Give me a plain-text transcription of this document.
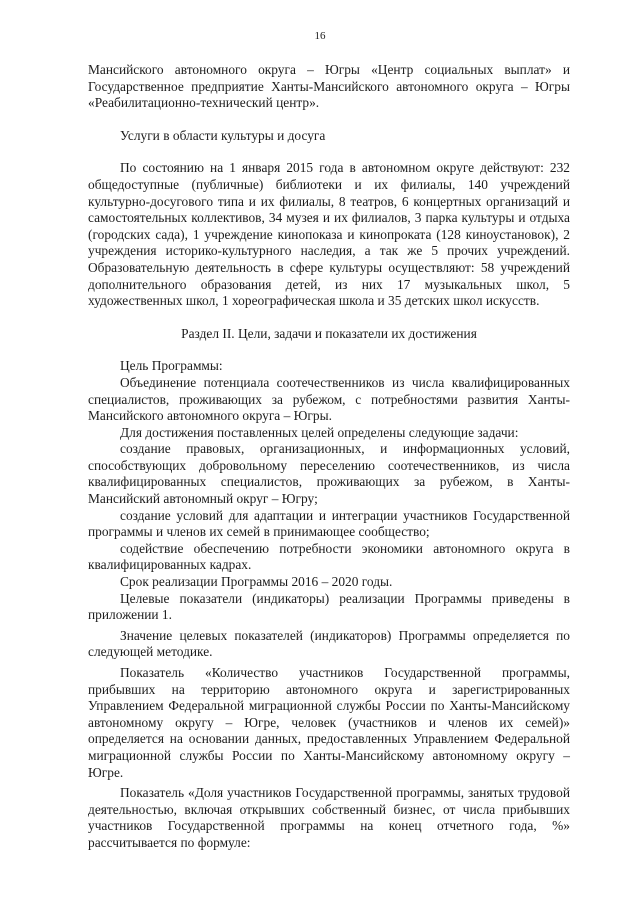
16

Мансийского автономного округа – Югры «Центр социальных выплат» и Государственное предприятие Ханты-Мансийского автономного округа – Югры «Реабилитационно-технический центр».

Услуги в области культуры и досуга

По состоянию на 1 января 2015 года в автономном округе действуют: 232 общедоступные (публичные) библиотеки и их филиалы, 140 учреждений культурно-досугового типа и их филиалы, 8 театров, 6 концертных организаций и самостоятельных коллективов, 34 музея и их филиалов, 3 парка культуры и отдыха (городских сада), 1 учреждение кинопоказа и кинопроката (128 киноустановок), 2 учреждения историко-культурного наследия, а так же 5 прочих учреждений. Образовательную деятельность в сфере культуры осуществляют: 58 учреждений дополнительного образования детей, из них 17 музыкальных школ, 5 художественных школ, 1 хореографическая школа и 35 детских школ искусств.

Раздел II. Цели, задачи и показатели их достижения

Цель Программы:

Объединение потенциала соотечественников из числа квалифицированных специалистов, проживающих за рубежом, с потребностями развития Ханты-Мансийского автономного округа – Югры.

Для достижения поставленных целей определены следующие задачи:

создание правовых, организационных, и информационных условий, способствующих добровольному переселению соотечественников, из числа квалифицированных специалистов, проживающих за рубежом, в Ханты-Мансийский автономный округ – Югру;

создание условий для адаптации и интеграции участников Государственной программы и членов их семей в принимающее сообщество;

содействие обеспечению потребности экономики автономного округа в квалифицированных кадрах.

Срок реализации Программы 2016 – 2020 годы.

Целевые показатели (индикаторы) реализации Программы приведены в приложении 1.

Значение целевых показателей (индикаторов) Программы определяется по следующей методике.

Показатель «Количество участников Государственной программы, прибывших на территорию автономного округа и зарегистрированных Управлением Федеральной миграционной службы России по Ханты-Мансийскому автономному округу – Югре, человек (участников и членов их семей)» определяется на основании данных, предоставленных Управлением Федеральной миграционной службы России по Ханты-Мансийскому автономному округу – Югре.

Показатель «Доля участников Государственной программы, занятых трудовой деятельностью, включая открывших собственный бизнес, от числа прибывших участников Государственной программы на конец отчетного года, %» рассчитывается по формуле:
